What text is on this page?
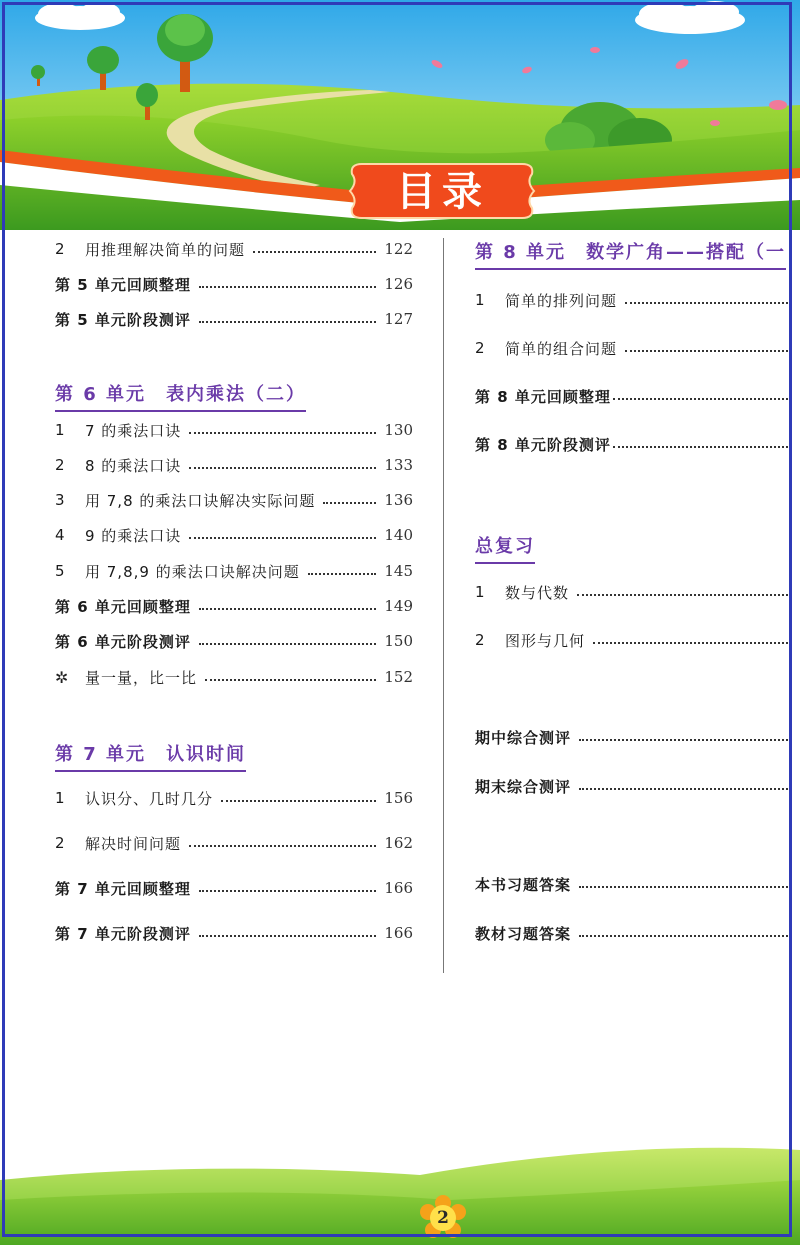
目录
2	用推理解决简单的问题	122
第 5 单元回顾整理	126
第 5 单元阶段测评	127
第 6 单元 表内乘法（二）
1	7 的乘法口诀	130
2	8 的乘法口诀	133
3	用 7,8 的乘法口诀解决实际问题	136
4	9 的乘法口诀	140
5	用 7,8,9 的乘法口诀解决问题	145
第 6 单元回顾整理	149
第 6 单元阶段测评	150
✲	量一量，比一比	152
第 7 单元 认识时间
1	认识分、几时几分	156
2	解决时间问题	162
第 7 单元回顾整理	166
第 7 单元阶段测评	166
第 8 单元 数学广角——搭配（一
1	简单的排列问题
2	简单的组合问题
第 8 单元回顾整理
第 8 单元阶段测评
总复习
1	数与代数
2	图形与几何
期中综合测评
期末综合测评
本书习题答案
教材习题答案
2
